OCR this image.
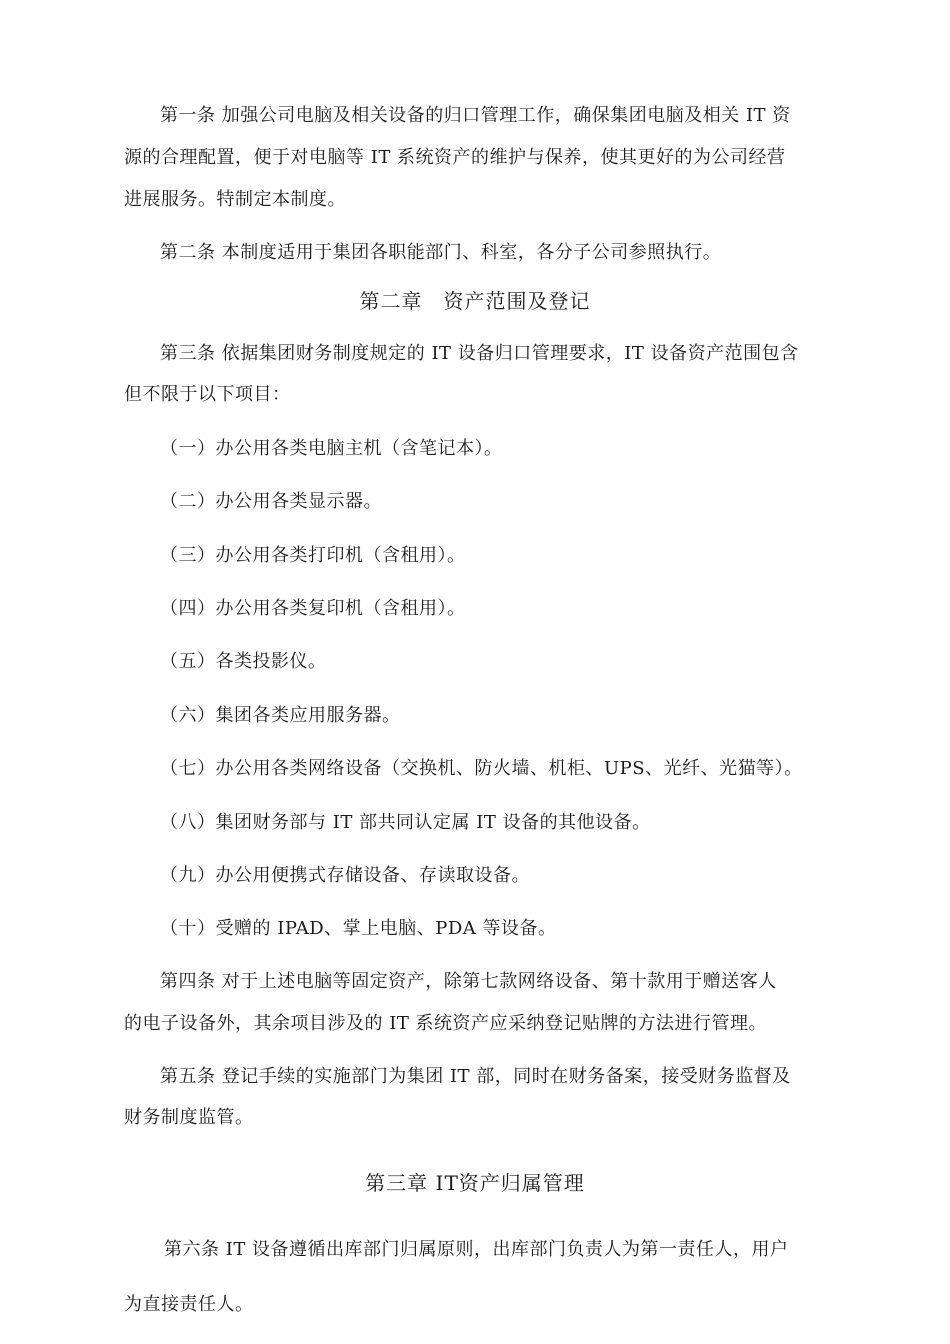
第一条 加强公司电脑及相关设备的归口管理工作，确保集团电脑及相关 IT 资
源的合理配置，便于对电脑等 IT 系统资产的维护与保养，使其更好的为公司经营
进展服务。特制定本制度。
第二条 本制度适用于集团各职能部门、科室，各分子公司参照执行。
第二章　资产范围及登记
第三条 依据集团财务制度规定的 IT 设备归口管理要求，IT 设备资产范围包含
但不限于以下项目：
（一）办公用各类电脑主机（含笔记本）。
（二）办公用各类显示器。
（三）办公用各类打印机（含租用）。
（四）办公用各类复印机（含租用）。
（五）各类投影仪。
（六）集团各类应用服务器。
（七）办公用各类网络设备（交换机、防火墙、机柜、UPS、光纤、光猫等）。
（八）集团财务部与 IT 部共同认定属 IT 设备的其他设备。
（九）办公用便携式存储设备、存读取设备。
（十）受赠的 IPAD、掌上电脑、PDA 等设备。
第四条 对于上述电脑等固定资产，除第七款网络设备、第十款用于赠送客人
的电子设备外，其余项目涉及的 IT 系统资产应采纳登记贴牌的方法进行管理。
第五条 登记手续的实施部门为集团 IT 部，同时在财务备案，接受财务监督及
财务制度监管。
第三章 IT资产归属管理
第六条 IT 设备遵循出库部门归属原则，出库部门负责人为第一责任人，用户
为直接责任人。
